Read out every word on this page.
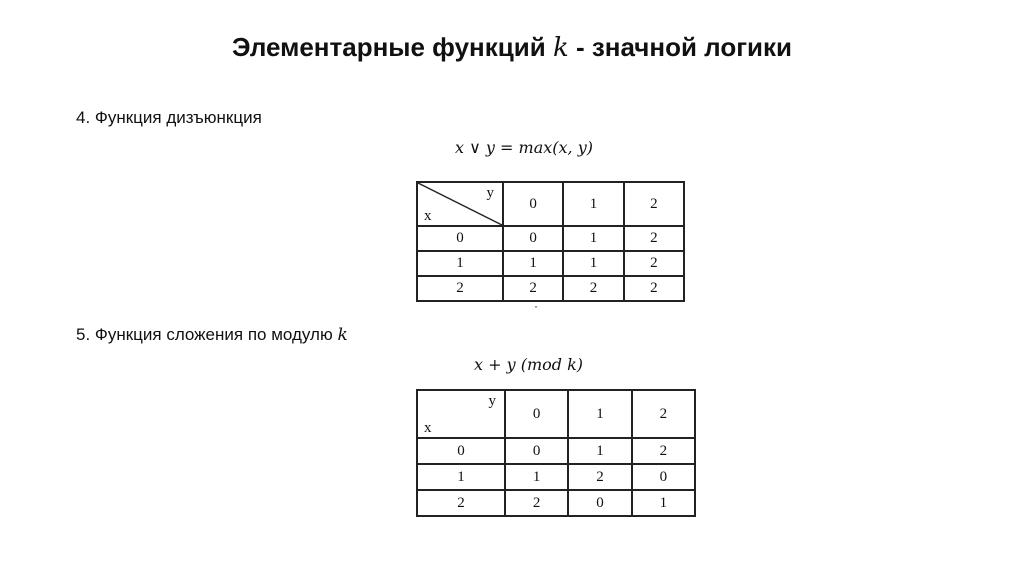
Элементарные функций k - значной логики
4. Функция дизъюнкция
x ∨ y = max(x, y)
y
x	0	1	2
0	0	1	2
1	1	1	2
2	2	2	2
·
5. Функция сложения по модулю k
x + y (mod k)
y
x	0	1	2
0	0	1	2
1	1	2	0
2	2	0	1
